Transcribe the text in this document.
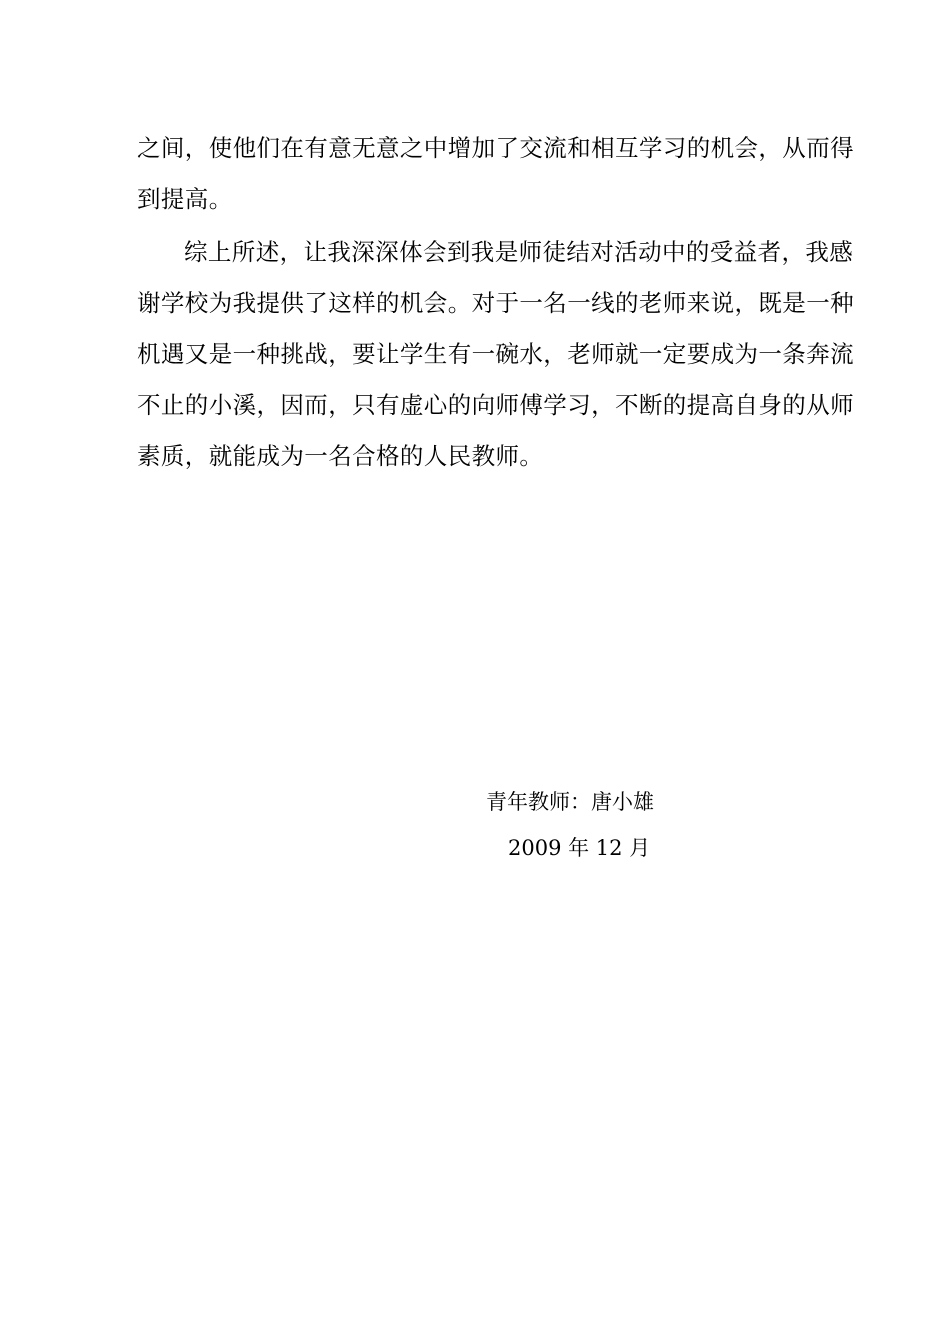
之间，使他们在有意无意之中增加了交流和相互学习的机会，从而得
到提高。
综上所述，让我深深体会到我是师徒结对活动中的受益者，我感
谢学校为我提供了这样的机会。对于一名一线的老师来说，既是一种
机遇又是一种挑战，要让学生有一碗水，老师就一定要成为一条奔流
不止的小溪，因而，只有虚心的向师傅学习，不断的提高自身的从师
素质，就能成为一名合格的人民教师。
青年教师：唐小雄
2009 年 12 月
